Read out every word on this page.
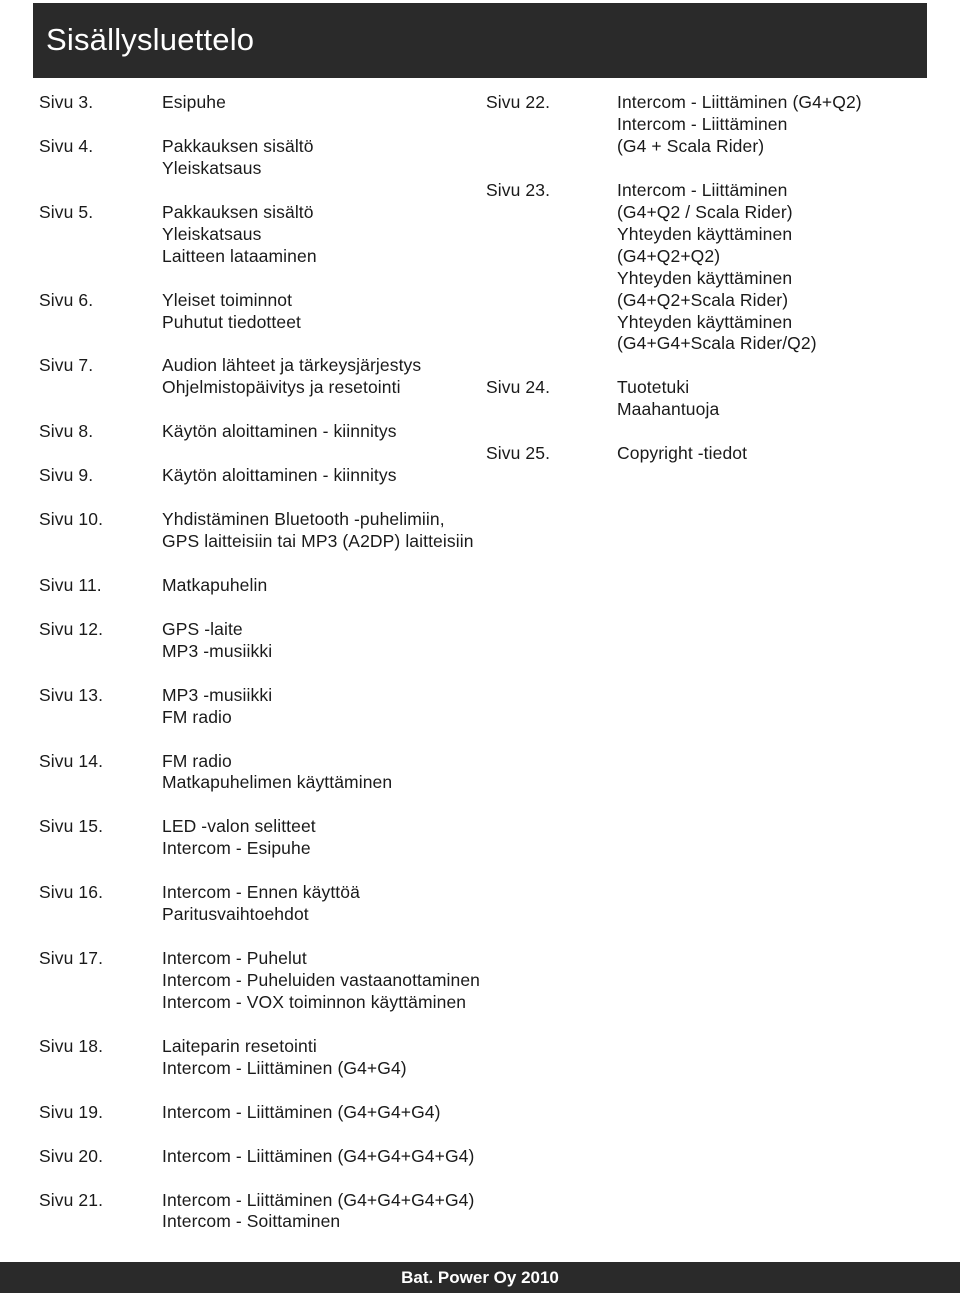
Sisällysluettelo
Sivu 3.	Esipuhe
Sivu 4.	Pakkauksen sisältö
Yleiskatsaus
Sivu 5.	Pakkauksen sisältö
Yleiskatsaus
Laitteen lataaminen
Sivu 6.	Yleiset toiminnot
Puhutut tiedotteet
Sivu 7.	Audion lähteet ja tärkeysjärjestys
Ohjelmistopäivitys ja resetointi
Sivu 8.	Käytön aloittaminen - kiinnitys
Sivu 9.	Käytön aloittaminen - kiinnitys
Sivu 10.	Yhdistäminen Bluetooth -puhelimiin,
GPS laitteisiin tai MP3 (A2DP) laitteisiin
Sivu 11.	Matkapuhelin
Sivu 12.	GPS -laite
MP3 -musiikki
Sivu 13.	MP3 -musiikki
FM radio
Sivu 14.	FM radio
Matkapuhelimen käyttäminen
Sivu 15.	LED -valon selitteet
Intercom - Esipuhe
Sivu 16.	Intercom - Ennen käyttöä
Paritusvaihtoehdot
Sivu 17.	Intercom - Puhelut
Intercom - Puheluiden vastaanottaminen
Intercom - VOX toiminnon käyttäminen
Sivu 18.	Laiteparin resetointi
Intercom - Liittäminen (G4+G4)
Sivu 19.	Intercom - Liittäminen (G4+G4+G4)
Sivu 20.	Intercom - Liittäminen (G4+G4+G4+G4)
Sivu 21.	Intercom - Liittäminen (G4+G4+G4+G4)
Intercom - Soittaminen
Sivu 22.	Intercom - Liittäminen (G4+Q2)
Intercom - Liittäminen
(G4 + Scala Rider)
Sivu 23.	Intercom - Liittäminen
(G4+Q2 / Scala Rider)
Yhteyden käyttäminen
(G4+Q2+Q2)
Yhteyden käyttäminen
(G4+Q2+Scala Rider)
Yhteyden käyttäminen
(G4+G4+Scala Rider/Q2)
Sivu 24.	Tuotetuki
Maahantuoja
Sivu 25.	Copyright -tiedot
Bat. Power Oy 2010
